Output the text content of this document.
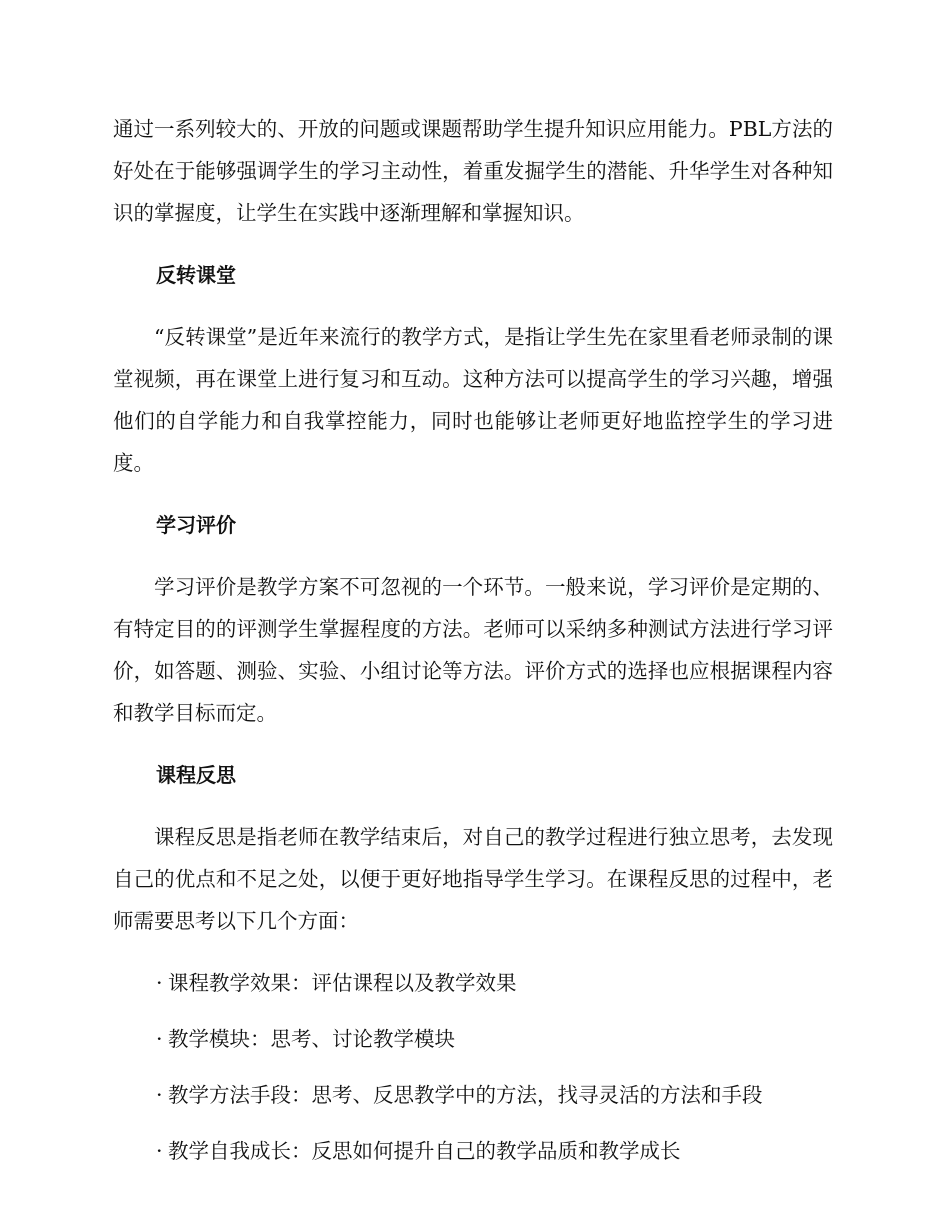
通过一系列较大的、开放的问题或课题帮助学生提升知识应用能力。PBL方法的好处在于能够强调学生的学习主动性，着重发掘学生的潜能、升华学生对各种知识的掌握度，让学生在实践中逐渐理解和掌握知识。

反转课堂

“反转课堂”是近年来流行的教学方式，是指让学生先在家里看老师录制的课堂视频，再在课堂上进行复习和互动。这种方法可以提高学生的学习兴趣，增强他们的自学能力和自我掌控能力，同时也能够让老师更好地监控学生的学习进度。

学习评价

学习评价是教学方案不可忽视的一个环节。一般来说，学习评价是定期的、有特定目的的评测学生掌握程度的方法。老师可以采纳多种测试方法进行学习评价，如答题、测验、实验、小组讨论等方法。评价方式的选择也应根据课程内容和教学目标而定。

课程反思

课程反思是指老师在教学结束后，对自己的教学过程进行独立思考，去发现自己的优点和不足之处，以便于更好地指导学生学习。在课程反思的过程中，老师需要思考以下几个方面：

· 课程教学效果：评估课程以及教学效果
· 教学模块：思考、讨论教学模块
· 教学方法手段：思考、反思教学中的方法，找寻灵活的方法和手段
· 教学自我成长：反思如何提升自己的教学品质和教学成长
